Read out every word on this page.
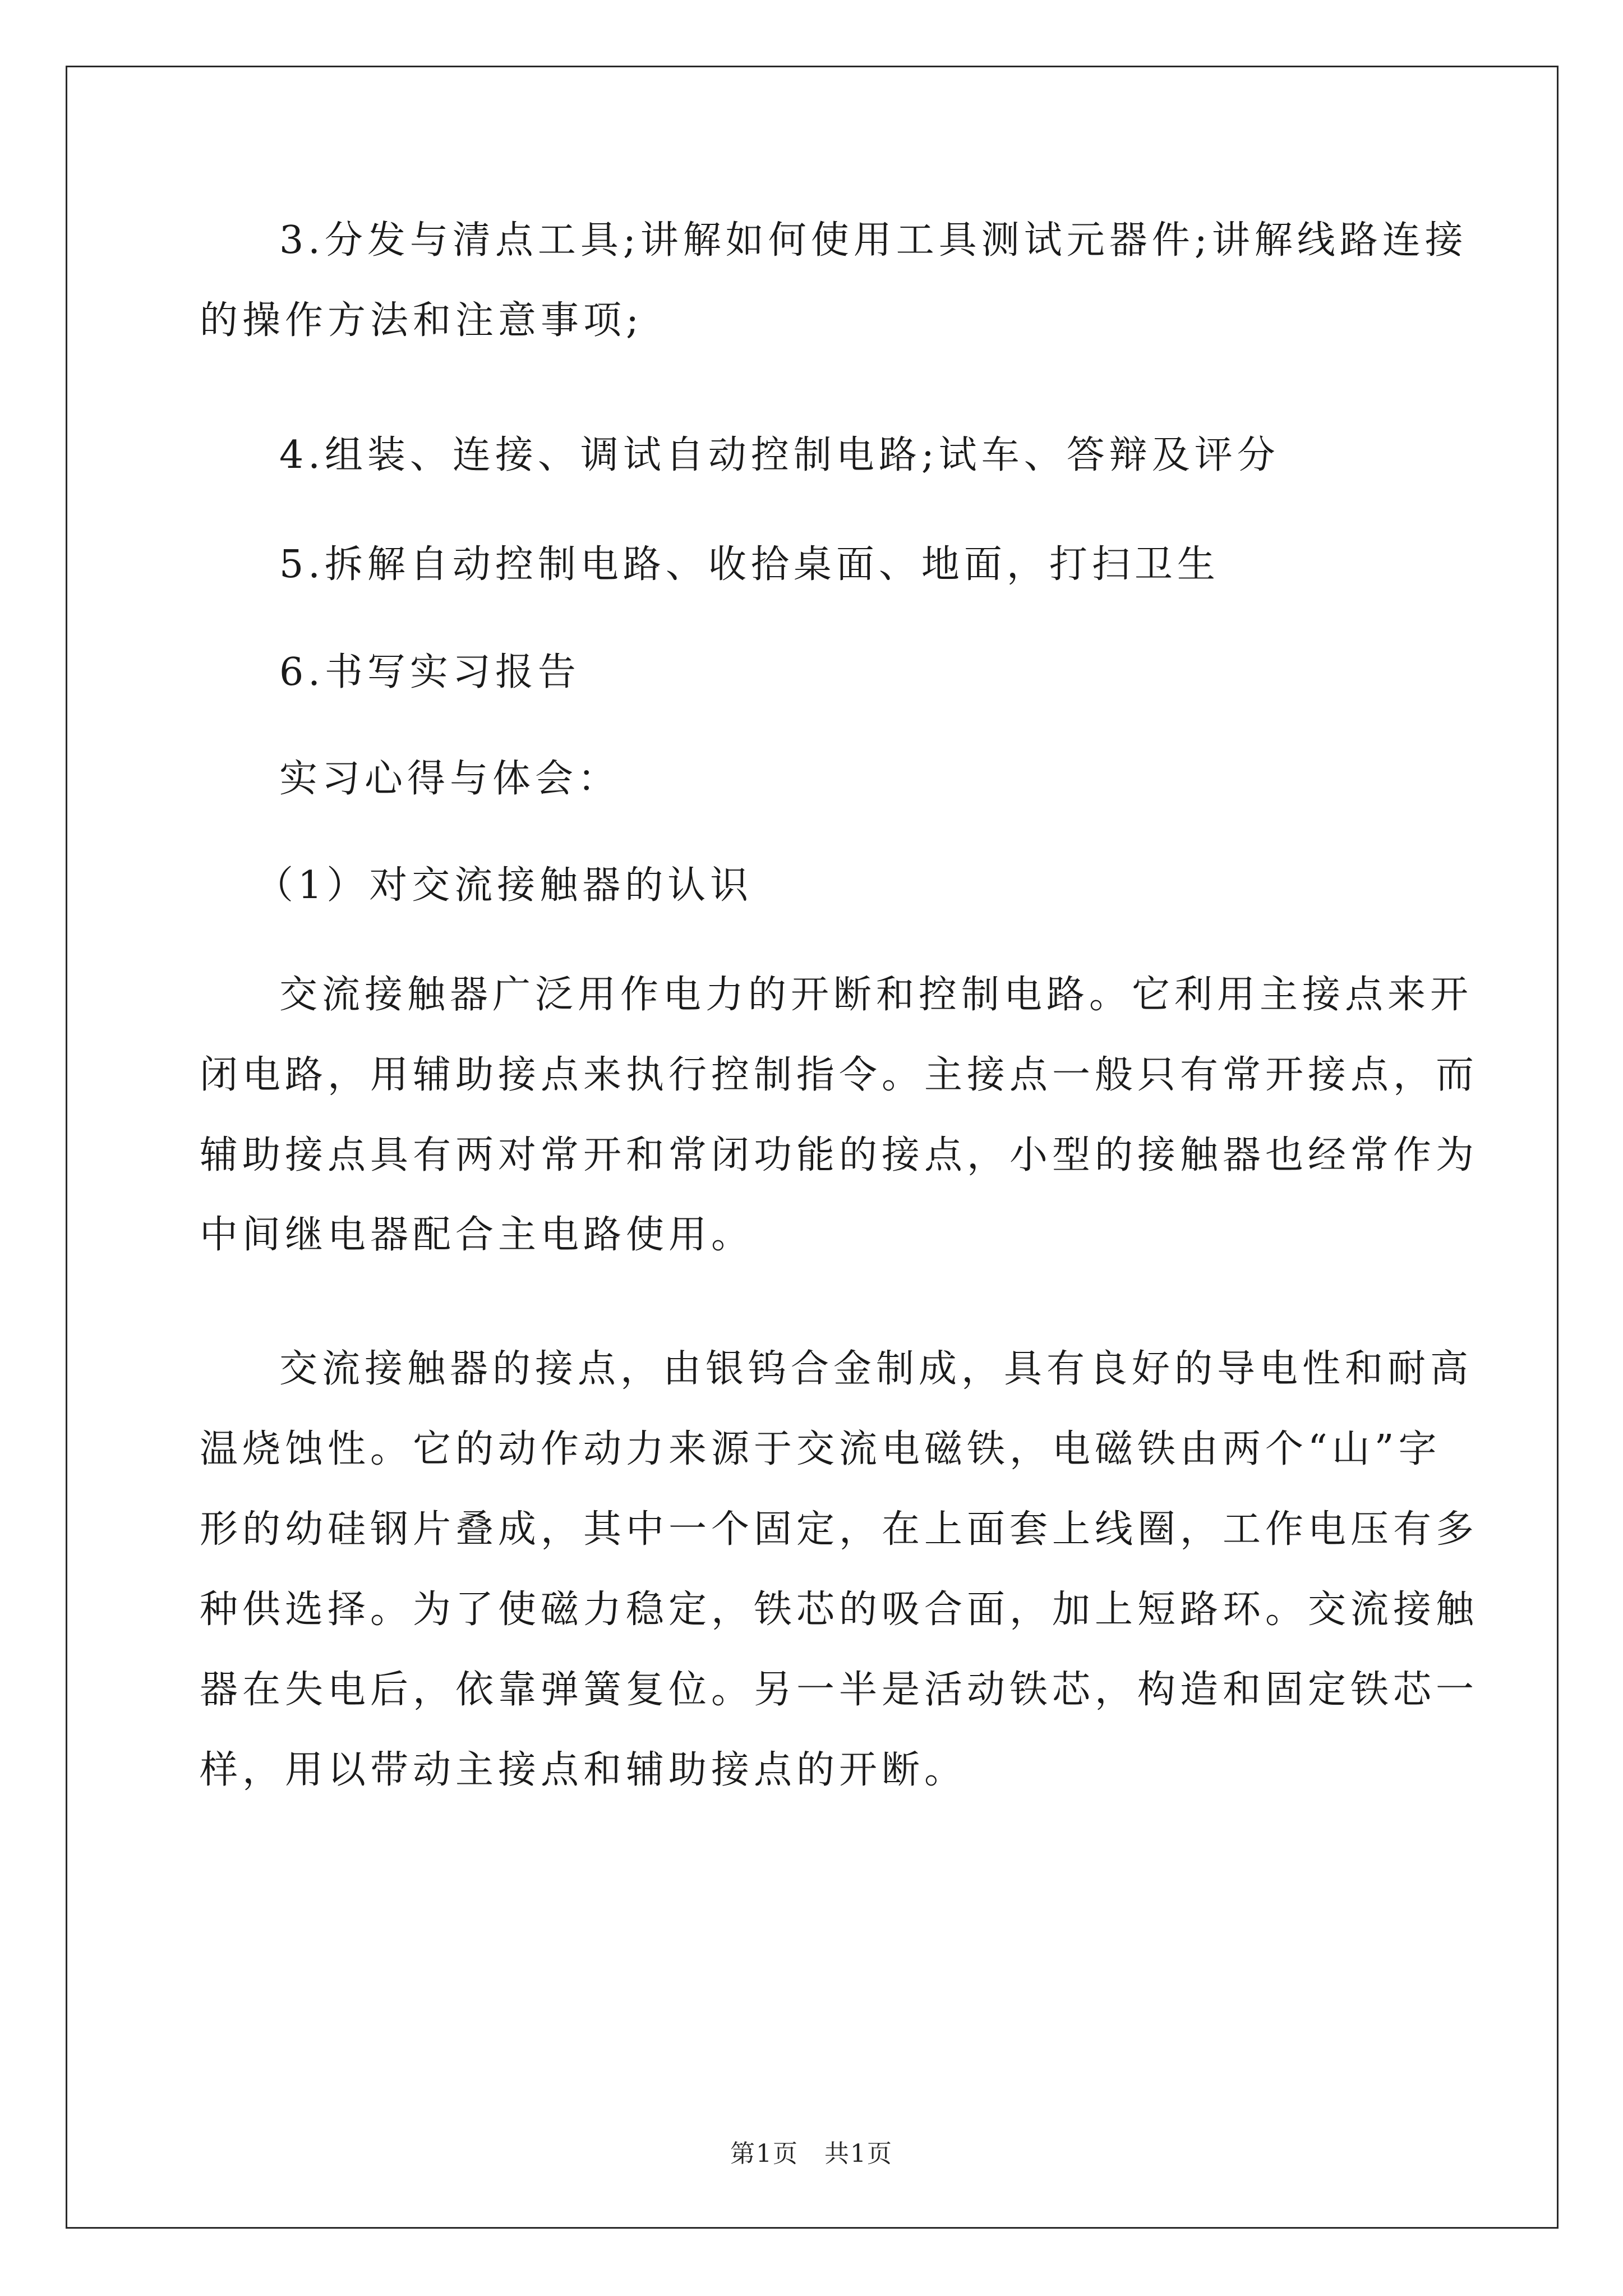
3.分发与清点工具;讲解如何使用工具测试元器件;讲解线路连接
的操作方法和注意事项;
4.组装、连接、调试自动控制电路;试车、答辩及评分
5.拆解自动控制电路、收拾桌面、地面，打扫卫生
6.书写实习报告
实习心得与体会：
（1）对交流接触器的认识
交流接触器广泛用作电力的开断和控制电路。它利用主接点来开
闭电路，用辅助接点来执行控制指令。主接点一般只有常开接点，而
辅助接点具有两对常开和常闭功能的接点，小型的接触器也经常作为
中间继电器配合主电路使用。
交流接触器的接点，由银钨合金制成，具有良好的导电性和耐高
温烧蚀性。它的动作动力来源于交流电磁铁，电磁铁由两个“山”字
形的幼硅钢片叠成，其中一个固定，在上面套上线圈，工作电压有多
种供选择。为了使磁力稳定，铁芯的吸合面，加上短路环。交流接触
器在失电后，依靠弹簧复位。另一半是活动铁芯，构造和固定铁芯一
样，用以带动主接点和辅助接点的开断。
第1页　共1页
